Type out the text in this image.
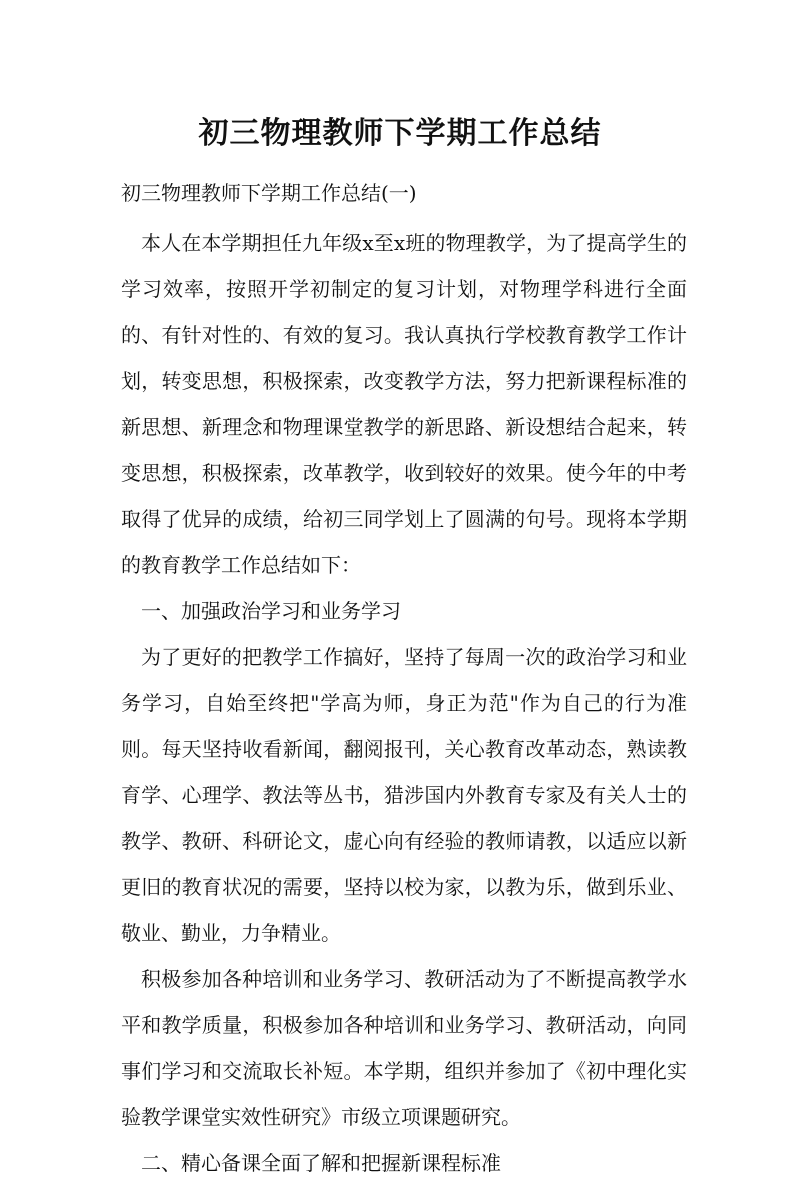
初三物理教师下学期工作总结
初三物理教师下学期工作总结(一)

本人在本学期担任九年级x至x班的物理教学，为了提高学生的学习效率，按照开学初制定的复习计划，对物理学科进行全面的、有针对性的、有效的复习。我认真执行学校教育教学工作计划，转变思想，积极探索，改变教学方法，努力把新课程标准的新思想、新理念和物理课堂教学的新思路、新设想结合起来，转变思想，积极探索，改革教学，收到较好的效果。使今年的中考取得了优异的成绩，给初三同学划上了圆满的句号。现将本学期的教育教学工作总结如下：

一、加强政治学习和业务学习

为了更好的把教学工作搞好，坚持了每周一次的政治学习和业务学习，自始至终把"学高为师，身正为范"作为自己的行为准则。每天坚持收看新闻，翻阅报刊，关心教育改革动态，熟读教育学、心理学、教法等丛书，猎涉国内外教育专家及有关人士的教学、教研、科研论文，虚心向有经验的教师请教，以适应以新更旧的教育状况的需要，坚持以校为家，以教为乐，做到乐业、敬业、勤业，力争精业。

积极参加各种培训和业务学习、教研活动为了不断提高教学水平和教学质量，积极参加各种培训和业务学习、教研活动，向同事们学习和交流取长补短。本学期，组织并参加了《初中理化实验教学课堂实效性研究》市级立项课题研究。

二、精心备课全面了解和把握新课程标准
